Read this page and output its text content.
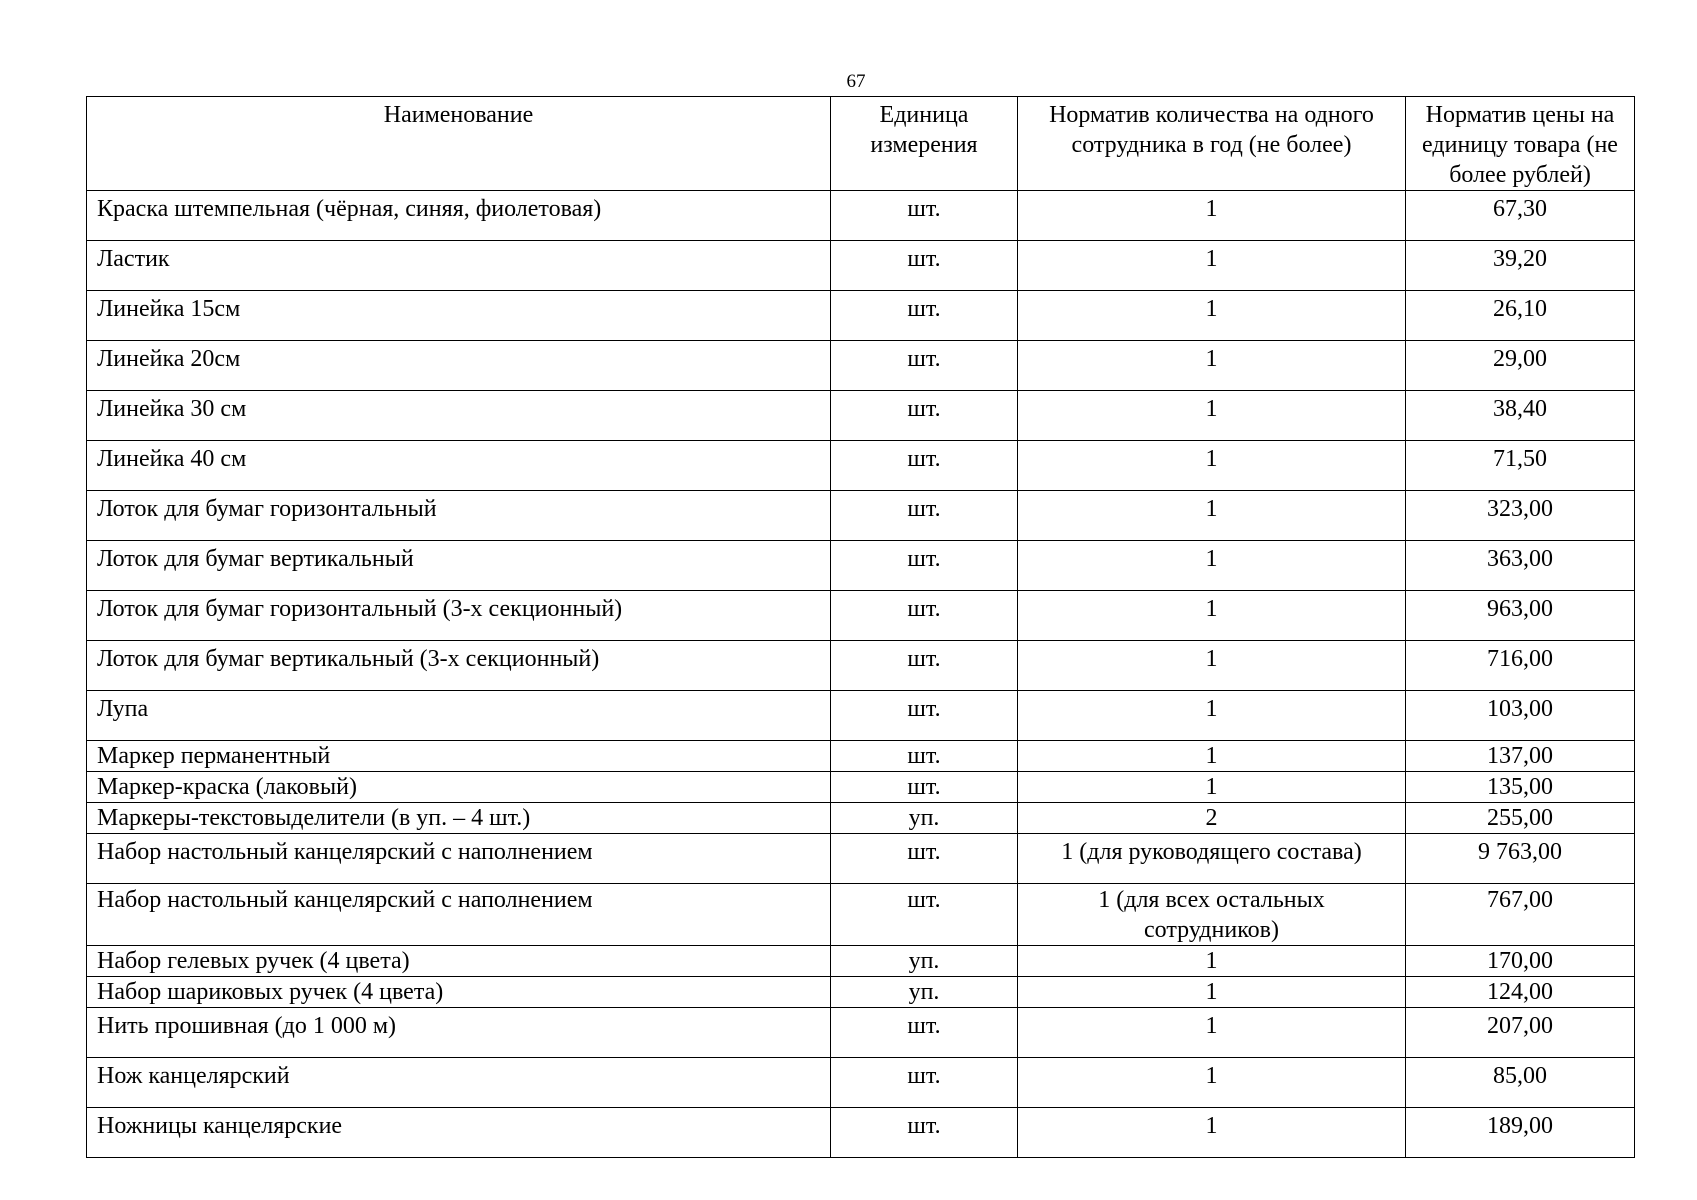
67
Наименование	Единица измерения	Норматив количества на одного сотрудника в год (не более)	Норматив цены на единицу товара (не более рублей)
Краска штемпельная (чёрная, синяя, фиолетовая)	шт.	1	67,30
Ластик	шт.	1	39,20
Линейка 15см	шт.	1	26,10
Линейка 20см	шт.	1	29,00
Линейка 30 см	шт.	1	38,40
Линейка 40 см	шт.	1	71,50
Лоток для бумаг горизонтальный	шт.	1	323,00
Лоток для бумаг вертикальный	шт.	1	363,00
Лоток для бумаг горизонтальный (3-х секционный)	шт.	1	963,00
Лоток для бумаг вертикальный (3-х секционный)	шт.	1	716,00
Лупа	шт.	1	103,00
Маркер перманентный	шт.	1	137,00
Маркер-краска (лаковый)	шт.	1	135,00
Маркеры-текстовыделители (в уп. – 4 шт.)	уп.	2	255,00
Набор настольный канцелярский с наполнением	шт.	1 (для руководящего состава)	9 763,00
Набор настольный канцелярский с наполнением	шт.	1 (для всех остальных сотрудников)	767,00
Набор гелевых ручек (4 цвета)	уп.	1	170,00
Набор шариковых ручек (4 цвета)	уп.	1	124,00
Нить прошивная (до 1 000 м)	шт.	1	207,00
Нож канцелярский	шт.	1	85,00
Ножницы канцелярские	шт.	1	189,00
